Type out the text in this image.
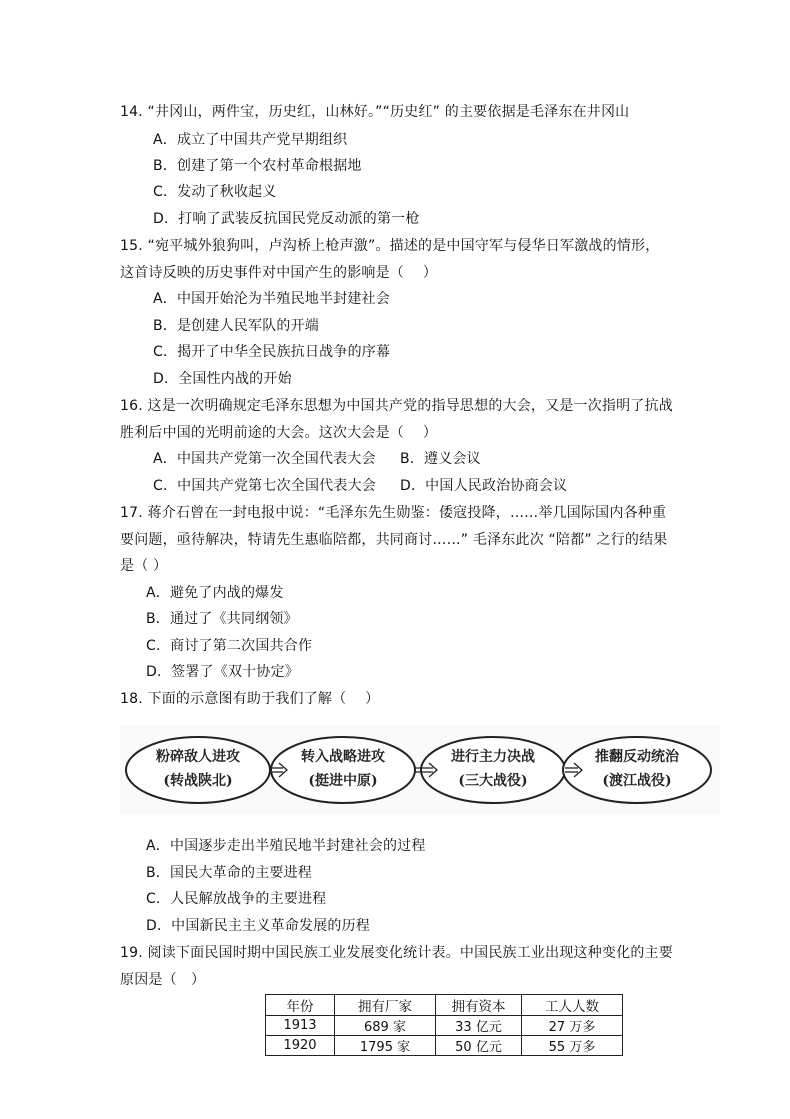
14. “井冈山，两件宝，历史红，山林好。”“历史红” 的主要依据是毛泽东在井冈山
A．成立了中国共产党早期组织
B．创建了第一个农村革命根据地
C．发动了秋收起义
D．打响了武装反抗国民党反动派的第一枪
15. “宛平城外狼狗叫，卢沟桥上枪声激”。描述的是中国守军与侵华日军激战的情形，
这首诗反映的历史事件对中国产生的影响是（　 ）
A．中国开始沦为半殖民地半封建社会
B．是创建人民军队的开端
C．揭开了中华全民族抗日战争的序幕
D．全国性内战的开始
16. 这是一次明确规定毛泽东思想为中国共产党的指导思想的大会，又是一次指明了抗战
胜利后中国的光明前途的大会。这次大会是（　 ）
A．中国共产党第一次全国代表大会 B．遵义会议
C．中国共产党第七次全国代表大会 D．中国人民政治协商会议
17. 蒋介石曾在一封电报中说：“毛泽东先生勋鉴：倭寇投降，……举几国际国内各种重
要问题，亟待解决，特请先生惠临陪都，共同商讨……” 毛泽东此次 “陪都” 之行的结果
是（ ）
A．避免了内战的爆发
B．通过了《共同纲领》
C．商讨了第二次国共合作
D．签署了《双十协定》
18. 下面的示意图有助于我们了解（　 ）
粉碎敌人进攻
(转战陕北)
转入战略进攻
(挺进中原)
进行主力决战
(三大战役)
推翻反动统治
(渡江战役)
A．中国逐步走出半殖民地半封建社会的过程
B．国民大革命的主要进程
C．人民解放战争的主要进程
D．中国新民主主义革命发展的历程
19. 阅读下面民国时期中国民族工业发展变化统计表。中国民族工业出现这种变化的主要
原因是（　）
年份	拥有厂家	拥有资本	工人人数
1913	689 家	33 亿元	27 万多
1920	1795 家	50 亿元	55 万多
